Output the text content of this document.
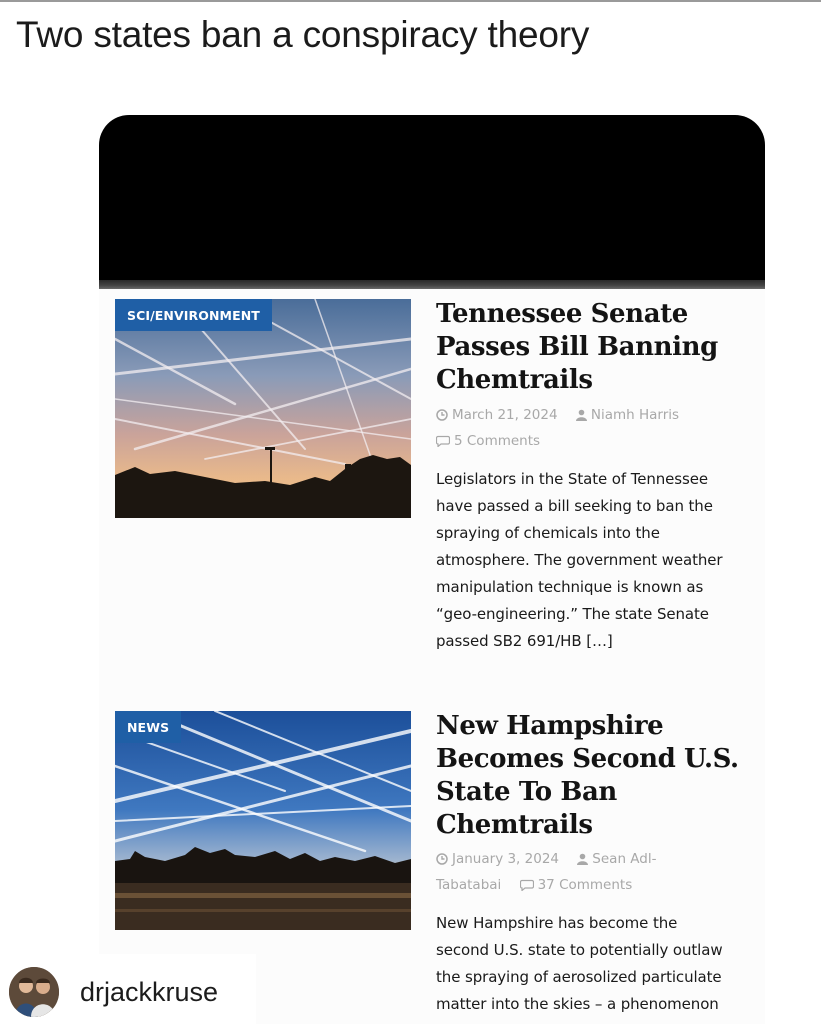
Two states ban a conspiracy theory
SCI/ENVIRONMENT	Tennessee Senate
Passes Bill Banning
Chemtrails
March 21, 2024 Niamh Harris
5 Comments
Legislators in the State of Tennessee
have passed a bill seeking to ban the
spraying of chemicals into the
atmosphere. The government weather
manipulation technique is known as
“geo-engineering.” The state Senate
passed SB2 691/HB […]
NEWS	New Hampshire
Becomes Second U.S.
State To Ban
Chemtrails
January 3, 2024 Sean Adl-
Tabatabai	37 Comments
New Hampshire has become the
second U.S. state to potentially outlaw
the spraying of aerosolized particulate
matter into the skies – a phenomenon
drjackkruse
